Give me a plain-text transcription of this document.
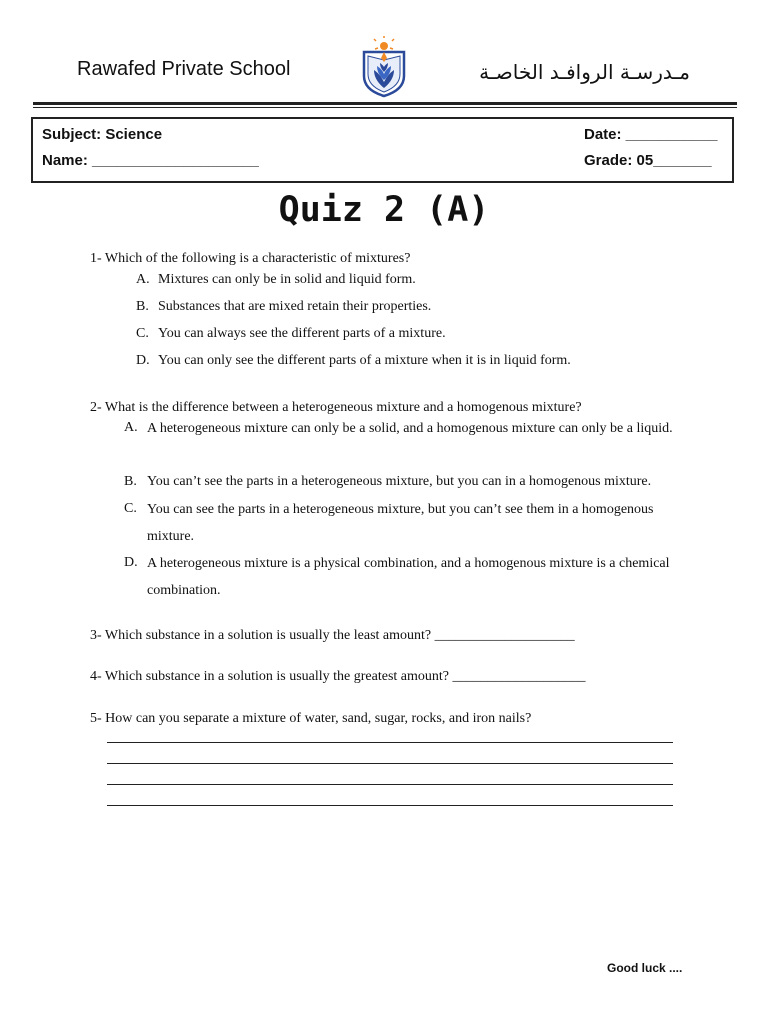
Rawafed Private School	مـدرسـة الروافـد الخاصـة
Subject: Science
Name: ____________________
Date: ___________
Grade: 05_______
Quiz 2 (A)
1- Which of the following is a characteristic of mixtures?
A. Mixtures can only be in solid and liquid form.
B. Substances that are mixed retain their properties.
C. You can always see the different parts of a mixture.
D. You can only see the different parts of a mixture when it is in liquid form.
2- What is the difference between a heterogeneous mixture and a homogenous mixture?
A. A heterogeneous mixture can only be a solid, and a homogenous mixture can only be a liquid.
B. You can’t see the parts in a heterogeneous mixture, but you can in a homogenous mixture.
C. You can see the parts in a heterogeneous mixture, but you can’t see them in a homogenous mixture.
D. A heterogeneous mixture is a physical combination, and a homogenous mixture is a chemical combination.
3- Which substance in a solution is usually the least amount? ____________________
4- Which substance in a solution is usually the greatest amount? ___________________
5- How can you separate a mixture of water, sand, sugar, rocks, and iron nails?
Good luck ....
